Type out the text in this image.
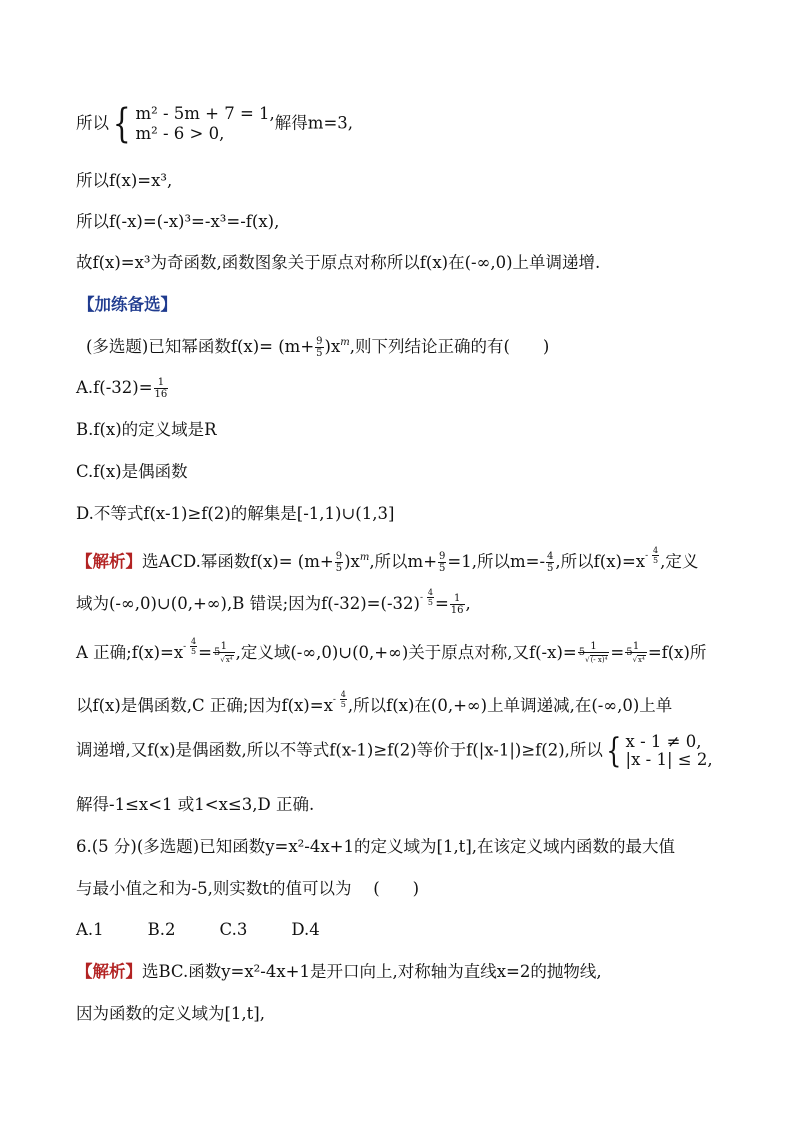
所以{ m² - 5m + 7 = 1,
m² - 6 > 0,
解得m=3,
所以f(x)=x³,
所以f(-x)=(-x)³=-x³=-f(x),
故f(x)=x³为奇函数,函数图象关于原点对称所以f(x)在(-∞,0)上单调递增.
【加练备选】
(多选题)已知幂函数$f(x)= (m+ \frac{9}{5} )x^m$,则下列结论正确的有(　　)
$A.f(-32)= \frac{1}{16}$
B.f(x)的定义域是R
C.f(x)是偶函数
D.不等式f(x-1)≥f(2)的解集是[-1,1)∪(1,3]
【解析】选ACD.幂函数$f(x)= (m+ \frac{9}{5} )x^m$,所以$m+ \frac{9}{5} =1$,所以$m=- \frac{4}{5}$ ,所以$f(x)=x- \frac{4}{5}$ ,定义
域为(-∞,0)∪(0,+∞),B 错误;因为$f(-32)=(-32)- \frac{4}{5} = \frac{1}{16}$ ,
A 正确;f(x)=x- $\frac{4}{5} = \frac{1}{^5√x^4}$ ,定义域(-∞,0)∪(0,+∞)关于原点对称,又$f(-x)= \frac{1}{^5√(- x)^4} = \frac{1}{^5√x^4} =f(x)$所
以f(x)是偶函数,C 正确;因为$f(x)=x- \frac{4}{5}$ ,所以f(x)在(0,+∞)上单调递减,在(-∞,0)上单
调递增,又f(x)是偶函数,所以不等式f(x-1)≥f(2)等价于f(|x-1|)≥f(2),所以{ x - 1 ≠ 0,
|x - 1| ≤ 2,
解得-1≤x<1 或1<x≤3,D 正确.
6.(5 分)(多选题)已知函数y=x²-4x+1的定义域为[1,t],在该定义域内函数的最大值
与最小值之和为-5,则实数t的值可以为　 (　　)
A.1	B.2	C.3	D.4
【解析】选BC.函数y=x²-4x+1是开口向上,对称轴为直线x=2的抛物线,
因为函数的定义域为[1,t],
